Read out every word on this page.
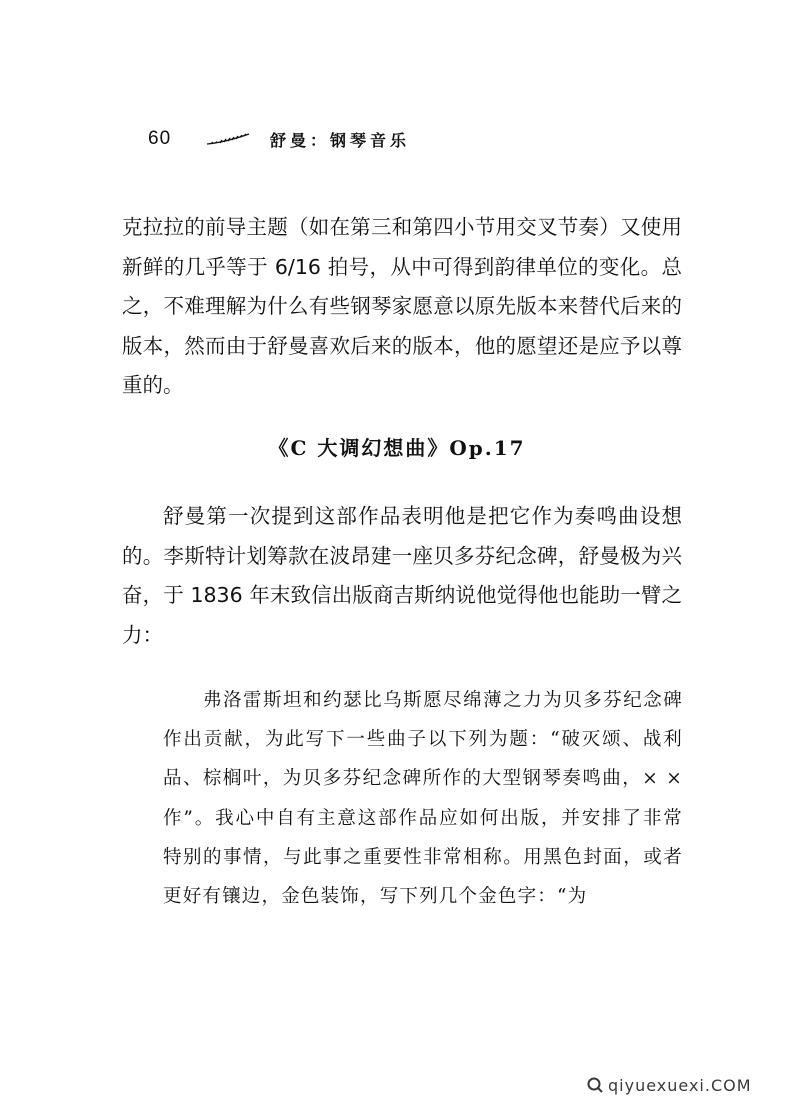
60	舒曼：钢琴音乐

克拉拉的前导主题（如在第三和第四小节用交叉节奏）又使用新鲜的几乎等于 6/16 拍号，从中可得到韵律单位的变化。总之，不难理解为什么有些钢琴家愿意以原先版本来替代后来的版本，然而由于舒曼喜欢后来的版本，他的愿望还是应予以尊重的。

《C 大调幻想曲》Op.17

舒曼第一次提到这部作品表明他是把它作为奏鸣曲设想的。李斯特计划筹款在波昂建一座贝多芬纪念碑，舒曼极为兴奋，于 1836 年末致信出版商吉斯纳说他觉得他也能助一臂之力：

弗洛雷斯坦和约瑟比乌斯愿尽绵薄之力为贝多芬纪念碑作出贡献，为此写下一些曲子以下列为题：“破灭颂、战利品、棕榈叶，为贝多芬纪念碑所作的大型钢琴奏鸣曲，× × 作”。我心中自有主意这部作品应如何出版，并安排了非常特别的事情，与此事之重要性非常相称。用黑色封面，或者更好有镶边，金色装饰，写下列几个金色字：“为

qiyuexuexi.COM
